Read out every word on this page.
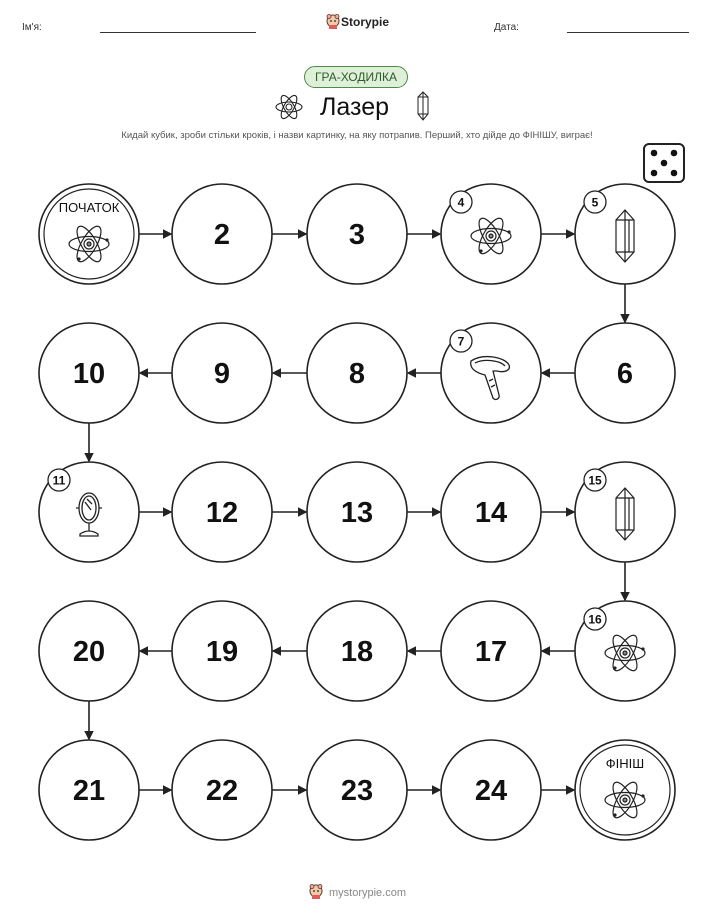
Ім'я:	Storypie	Дата:
ГРА-ХОДИЛКА
Лазер
Кидай кубик, зроби стільки кроків, і назви картинку, на яку потрапив. Перший, хто дійде до ФІНІШУ, виграє!
ПОЧАТОК
2	3
4	5
6
7
8
9
10
11
12	13	14
15
16
17
18
19
20
21	22	23	24
ФІНІШ
mystorypie.com
